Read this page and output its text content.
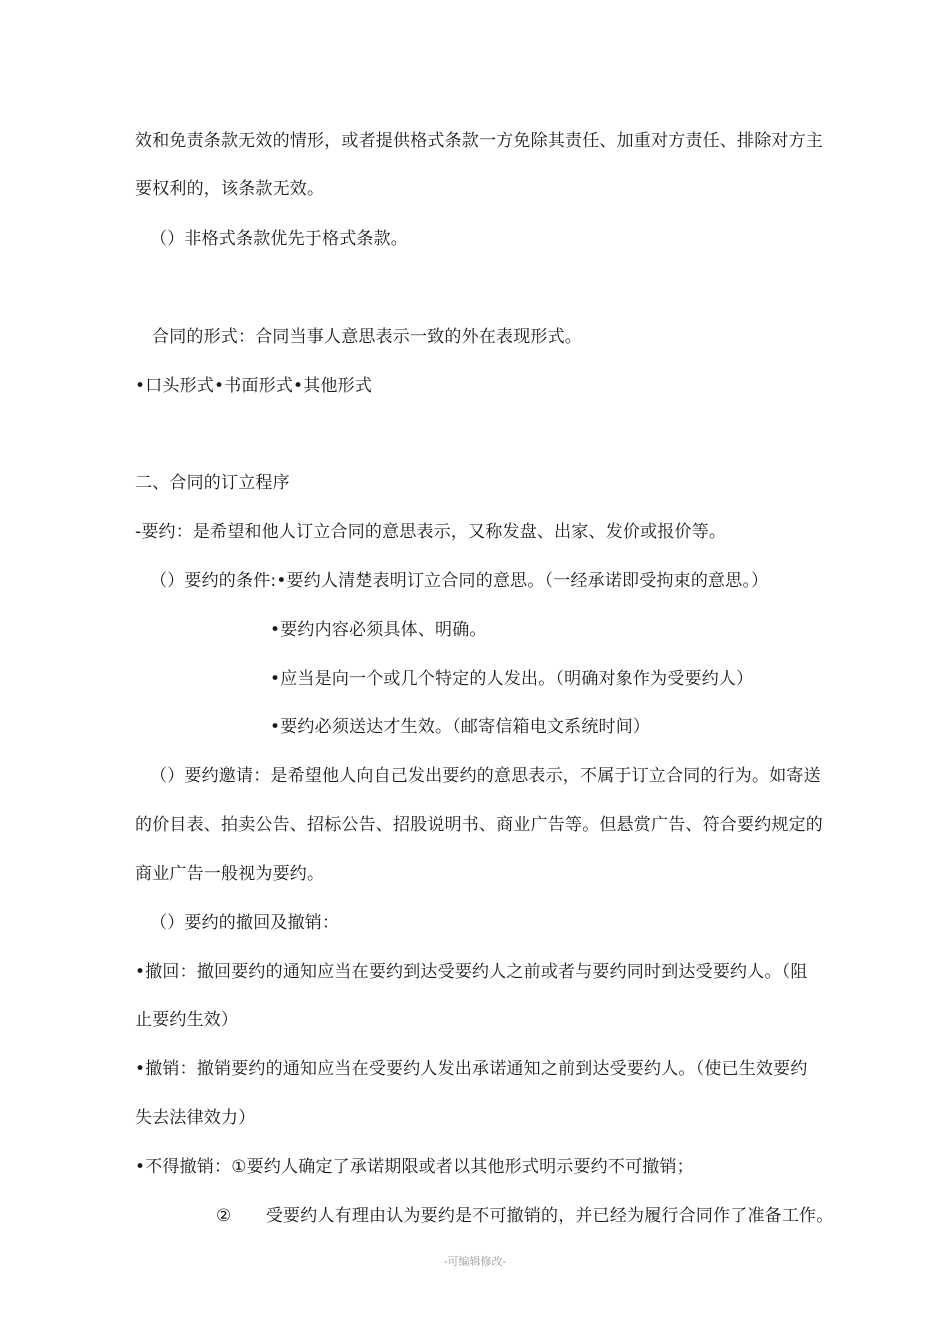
效和免责条款无效的情形，或者提供格式条款一方免除其责任、加重对方责任、排除对方主
要权利的，该条款无效。
（）非格式条款优先于格式条款。
合同的形式：合同当事人意思表示一致的外在表现形式。
•口头形式•书面形式•其他形式
二、合同的订立程序
-要约：是希望和他人订立合同的意思表示，又称发盘、出家、发价或报价等。
（）要约的条件:•要约人清楚表明订立合同的意思。（一经承诺即受拘束的意思。）
•要约内容必须具体、明确。
•应当是向一个或几个特定的人发出。（明确对象作为受要约人）
•要约必须送达才生效。（邮寄信箱电文系统时间）
（）要约邀请：是希望他人向自己发出要约的意思表示，不属于订立合同的行为。如寄送
的价目表、拍卖公告、招标公告、招股说明书、商业广告等。但悬赏广告、符合要约规定的
商业广告一般视为要约。
（）要约的撤回及撤销：
•撤回：撤回要约的通知应当在要约到达受要约人之前或者与要约同时到达受要约人。（阻
止要约生效）
•撤销：撤销要约的通知应当在受要约人发出承诺通知之前到达受要约人。（使已生效要约
失去法律效力）
•不得撤销：①要约人确定了承诺期限或者以其他形式明示要约不可撤销；
②　　受要约人有理由认为要约是不可撤销的，并已经为履行合同作了准备工作。
-可编辑修改-
